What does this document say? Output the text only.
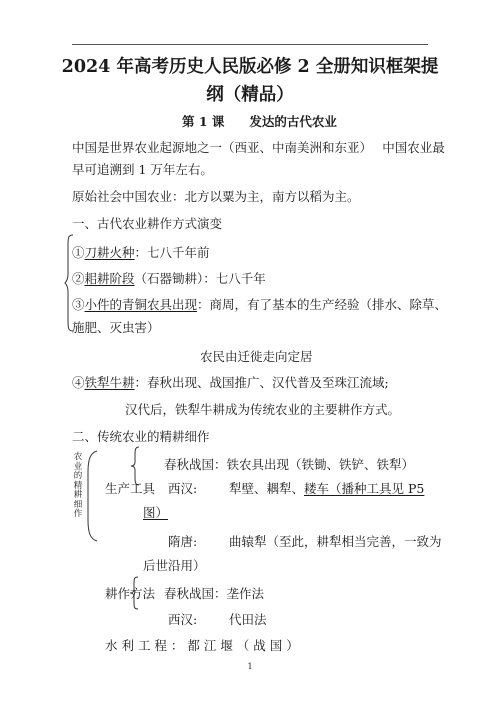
2024 年高考历史人民版必修 2 全册知识框架提
纲（精品）
第 1 课　　发达的古代农业
中国是世界农业起源地之一（西亚、中南美洲和东亚）　 中国农业最
早可追溯到 1 万年左右。
原始社会中国农业：北方以粟为主，南方以稻为主。
一、古代农业耕作方式演变
①刀耕火种：七八千年前
②耜耕阶段（石器锄耕）：七八千年
③小件的青铜农具出现：商周，有了基本的生产经验（排水、除草、
施肥、灭虫害）
农民由迁徙走向定居
④铁犁牛耕：春秋出现、战国推广、汉代普及至珠江流域;
汉代后，铁犁牛耕成为传统农业的主要耕作方式。
二、传统农业的精耕细作
农业的精耕细作
春秋战国：铁农具出现（铁锄、铁铲、铁犁）
生产工具 西汉:	犁壁、耦犁、耧车（播种工具见 P5
图）
隋唐:	曲辕犁（至此，耕犁相当完善，一致为
后世沿用）
耕作方法 春秋战国：垄作法
西汉:	代田法
水 利 工 程 ： 都 江 堰 （ 战 国 ）
1
